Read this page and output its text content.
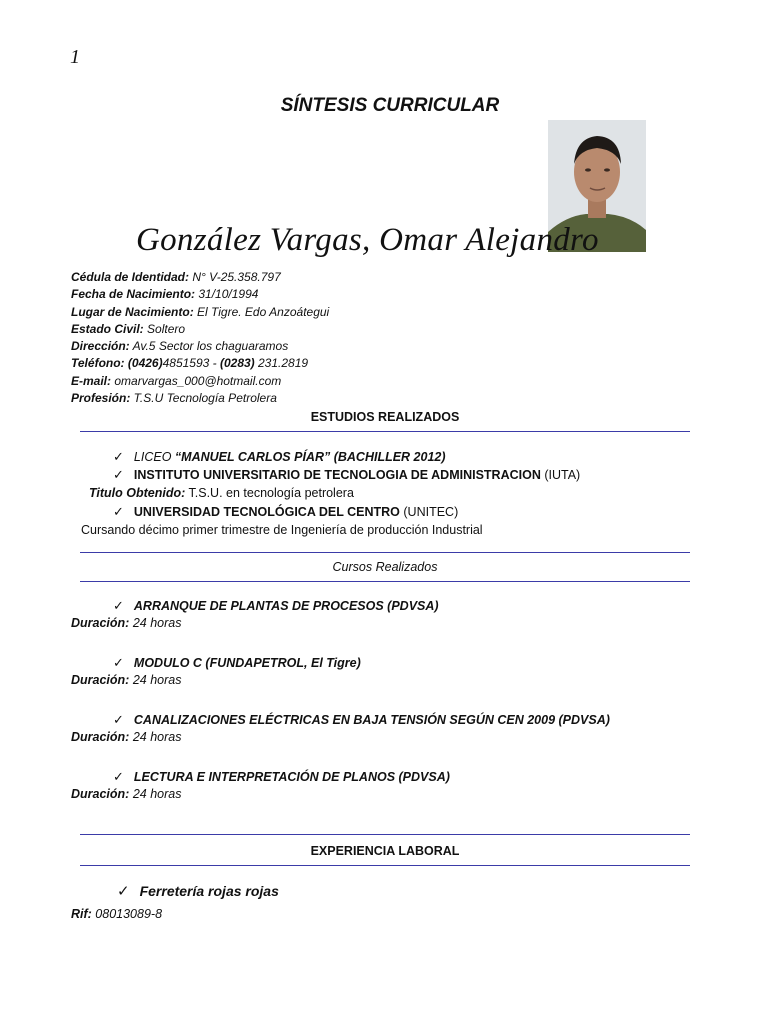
1
SÍNTESIS CURRICULAR
González Vargas, Omar Alejandro
Cédula de Identidad: N° V-25.358.797
Fecha de Nacimiento: 31/10/1994
Lugar de Nacimiento: El Tigre. Edo Anzoátegui
Estado Civil: Soltero
Dirección: Av.5 Sector los chaguaramos
Teléfono: (0426)4851593 - (0283) 231.2819
E-mail: omarvargas_000@hotmail.com
Profesión: T.S.U Tecnología Petrolera
ESTUDIOS REALIZADOS
✓ LICEO “MANUEL CARLOS PÍAR” (BACHILLER 2012)
✓ INSTITUTO UNIVERSITARIO DE TECNOLOGIA DE ADMINISTRACION (IUTA)
Titulo Obtenido: T.S.U. en tecnología petrolera
✓ UNIVERSIDAD TECNOLÓGICA DEL CENTRO (UNITEC)
Cursando décimo primer trimestre de Ingeniería de producción Industrial
Cursos Realizados
✓ ARRANQUE DE PLANTAS DE PROCESOS (PDVSA)
Duración: 24 horas
✓ MODULO C (FUNDAPETROL, El Tigre)
Duración: 24 horas
✓ CANALIZACIONES ELÉCTRICAS EN BAJA TENSIÓN SEGÚN CEN 2009 (PDVSA)
Duración: 24 horas
✓ LECTURA E INTERPRETACIÓN DE PLANOS (PDVSA)
Duración: 24 horas
EXPERIENCIA LABORAL
✓ Ferretería rojas rojas
Rif: 08013089-8
